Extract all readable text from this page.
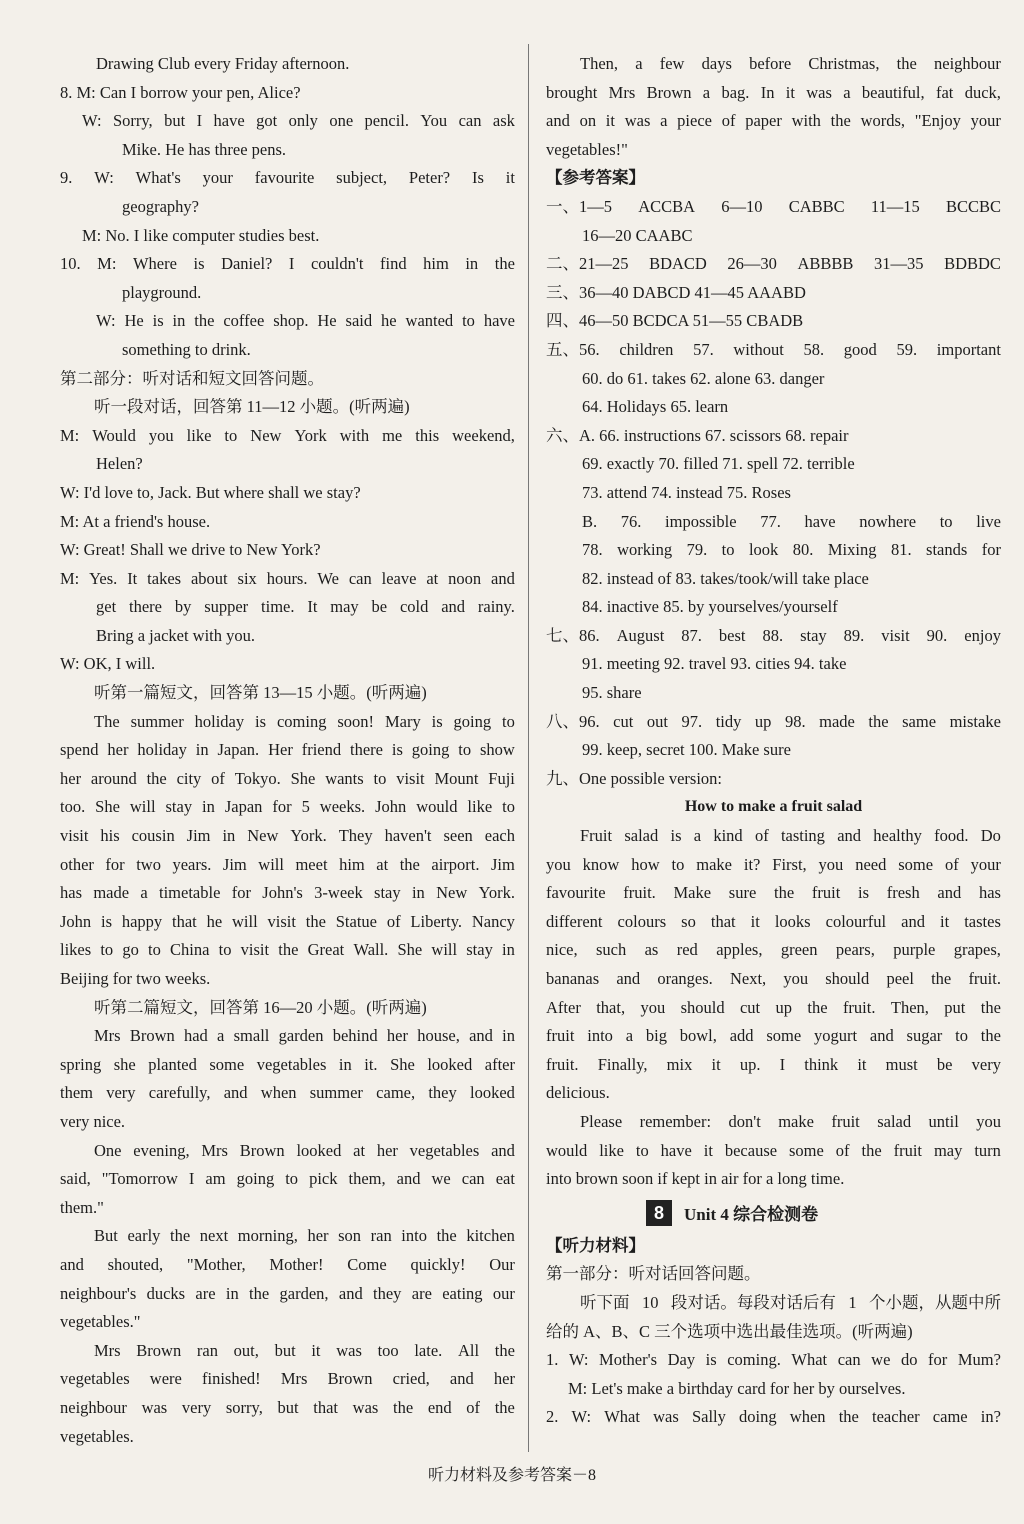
Drawing Club every Friday afternoon.
8. M: Can I borrow your pen, Alice?
W: Sorry, but I have got only one pencil. You can ask
Mike. He has three pens.
9. W: What's your favourite subject, Peter? Is it
geography?
M: No. I like computer studies best.
10. M: Where is Daniel? I couldn't find him in the
playground.
W: He is in the coffee shop. He said he wanted to have
something to drink.
第二部分：听对话和短文回答问题。
听一段对话，回答第 11—12 小题。(听两遍)
M: Would you like to New York with me this weekend,
Helen?
W: I'd love to, Jack. But where shall we stay?
M: At a friend's house.
W: Great! Shall we drive to New York?
M: Yes. It takes about six hours. We can leave at noon and
get there by supper time. It may be cold and rainy.
Bring a jacket with you.
W: OK, I will.
听第一篇短文，回答第 13—15 小题。(听两遍)
The summer holiday is coming soon! Mary is going to
spend her holiday in Japan. Her friend there is going to show
her around the city of Tokyo. She wants to visit Mount Fuji
too. She will stay in Japan for 5 weeks. John would like to
visit his cousin Jim in New York. They haven't seen each
other for two years. Jim will meet him at the airport. Jim
has made a timetable for John's 3-week stay in New York.
John is happy that he will visit the Statue of Liberty. Nancy
likes to go to China to visit the Great Wall. She will stay in
Beijing for two weeks.
听第二篇短文，回答第 16—20 小题。(听两遍)
Mrs Brown had a small garden behind her house, and in
spring she planted some vegetables in it. She looked after
them very carefully, and when summer came, they looked
very nice.
One evening, Mrs Brown looked at her vegetables and
said, "Tomorrow I am going to pick them, and we can eat
them."
But early the next morning, her son ran into the kitchen
and shouted, "Mother, Mother! Come quickly! Our
neighbour's ducks are in the garden, and they are eating our
vegetables."
Mrs Brown ran out, but it was too late. All the
vegetables were finished! Mrs Brown cried, and her
neighbour was very sorry, but that was the end of the
vegetables.
Then, a few days before Christmas, the neighbour
brought Mrs Brown a bag. In it was a beautiful, fat duck,
and on it was a piece of paper with the words, "Enjoy your
vegetables!"
【参考答案】
一、1—5 ACCBA 6—10 CABBC 11—15 BCCBC
16—20 CAABC
二、21—25 BDACD 26—30 ABBBB 31—35 BDBDC
三、36—40 DABCD 41—45 AAABD
四、46—50 BCDCA 51—55 CBADB
五、56. children 57. without 58. good 59. important
60. do 61. takes 62. alone 63. danger
64. Holidays 65. learn
六、A. 66. instructions 67. scissors 68. repair
69. exactly 70. filled 71. spell 72. terrible
73. attend 74. instead 75. Roses
B. 76. impossible 77. have nowhere to live
78. working 79. to look 80. Mixing 81. stands for
82. instead of 83. takes/took/will take place
84. inactive 85. by yourselves/yourself
七、86. August 87. best 88. stay 89. visit 90. enjoy
91. meeting 92. travel 93. cities 94. take
95. share
八、96. cut out 97. tidy up 98. made the same mistake
99. keep, secret 100. Make sure
九、One possible version:
How to make a fruit salad
Fruit salad is a kind of tasting and healthy food. Do
you know how to make it? First, you need some of your
favourite fruit. Make sure the fruit is fresh and has
different colours so that it looks colourful and it tastes
nice, such as red apples, green pears, purple grapes,
bananas and oranges. Next, you should peel the fruit.
After that, you should cut up the fruit. Then, put the
fruit into a big bowl, add some yogurt and sugar to the
fruit. Finally, mix it up. I think it must be very
delicious.
Please remember: don't make fruit salad until you
would like to have it because some of the fruit may turn
into brown soon if kept in air for a long time.
8	Unit 4 综合检测卷
【听力材料】
第一部分：听对话回答问题。
听下面 10 段对话。每段对话后有 1 个小题，从题中所
给的 A、B、C 三个选项中选出最佳选项。(听两遍)
1. W: Mother's Day is coming. What can we do for Mum?
M: Let's make a birthday card for her by ourselves.
2. W: What was Sally doing when the teacher came in?
听力材料及参考答案－8
